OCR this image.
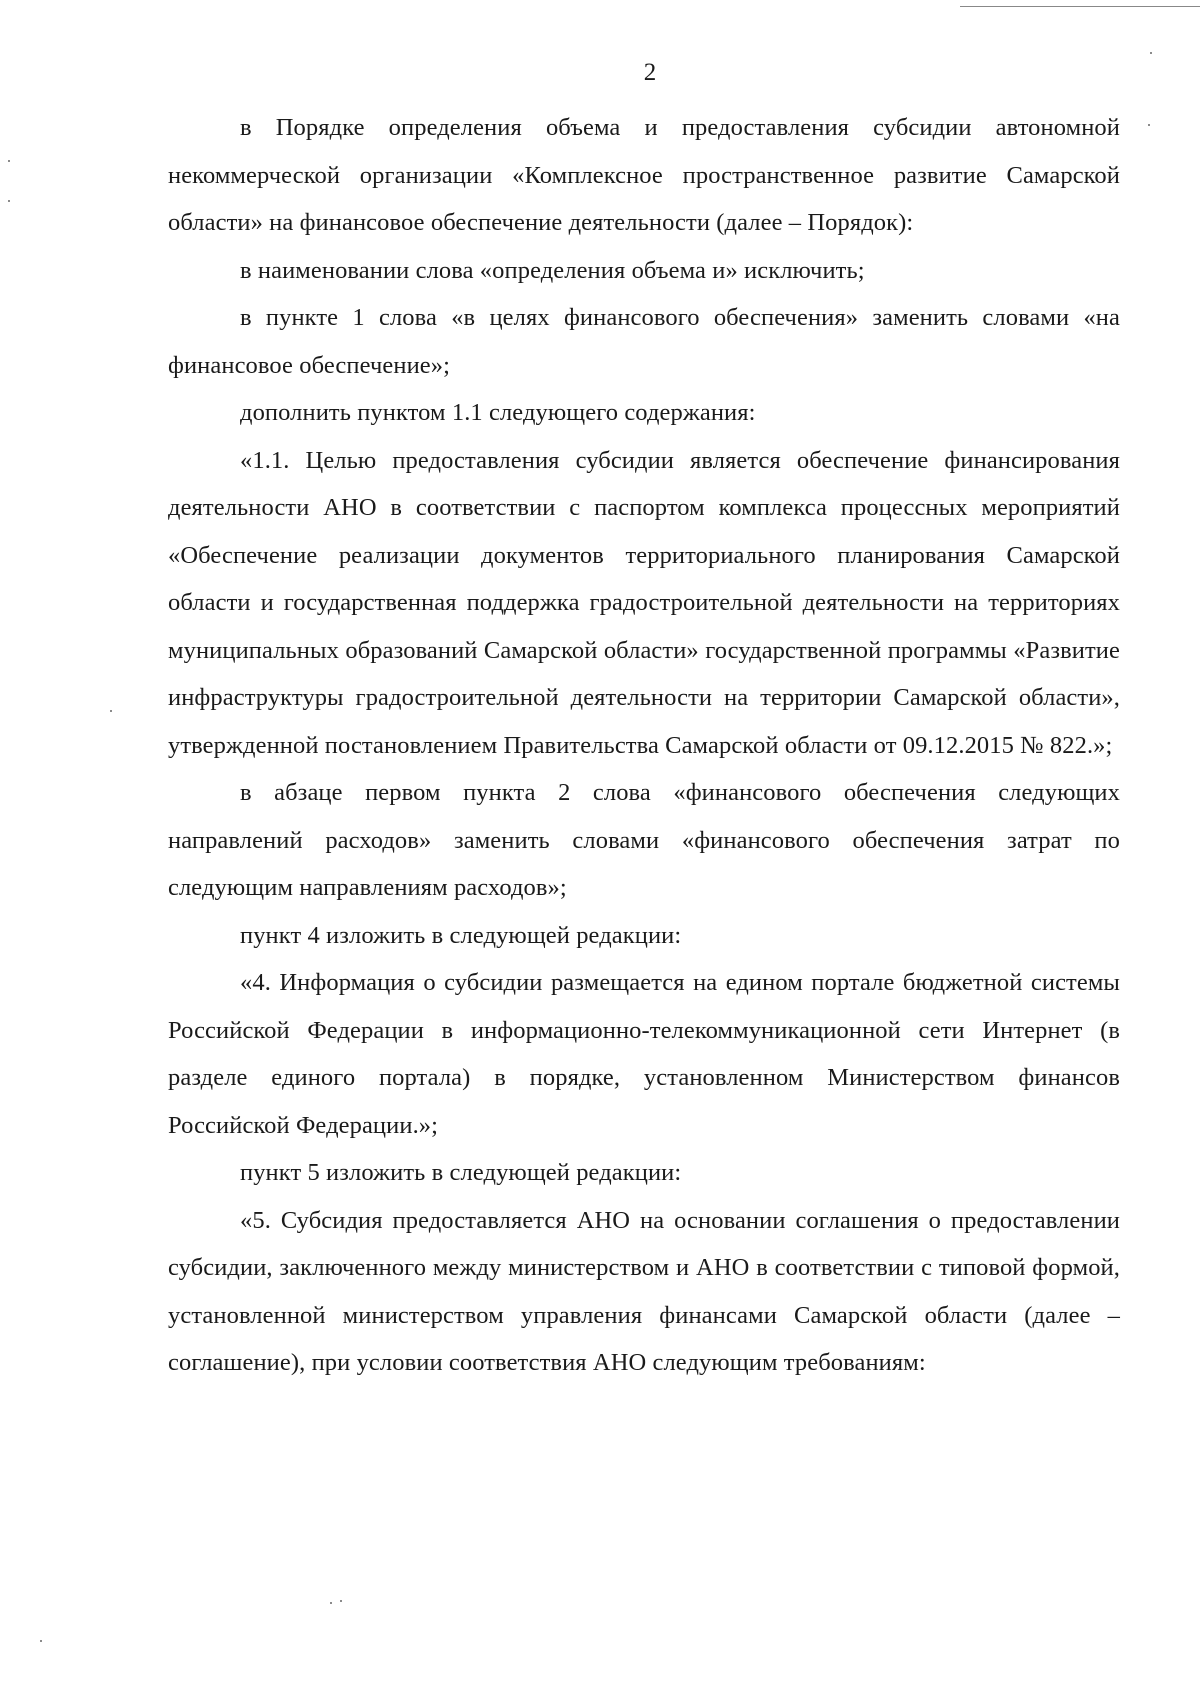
2

в Порядке определения объема и предоставления субсидии автономной некоммерческой организации «Комплексное пространственное развитие Самарской области» на финансовое обеспечение деятельности (далее – Порядок):

в наименовании слова «определения объема и» исключить;

в пункте 1 слова «в целях финансового обеспечения» заменить словами «на финансовое обеспечение»;

дополнить пунктом 1.1 следующего содержания:

«1.1. Целью предоставления субсидии является обеспечение финансирования деятельности АНО в соответствии с паспортом комплекса процессных мероприятий «Обеспечение реализации документов территориального планирования Самарской области и государственная поддержка градостроительной деятельности на территориях муниципальных образований Самарской области» государственной программы «Развитие инфраструктуры градостроительной деятельности на территории Самарской области», утвержденной постановлением Правительства Самарской области от 09.12.2015 № 822.»;

в абзаце первом пункта 2 слова «финансового обеспечения следующих направлений расходов» заменить словами «финансового обеспечения затрат по следующим направлениям расходов»;

пункт 4 изложить в следующей редакции:

«4. Информация о субсидии размещается на едином портале бюджетной системы Российской Федерации в информационно-телекоммуникационной сети Интернет (в разделе единого портала) в порядке, установленном Министерством финансов Российской Федерации.»;

пункт 5 изложить в следующей редакции:

«5. Субсидия предоставляется АНО на основании соглашения о предоставлении субсидии, заключенного между министерством и АНО в соответствии с типовой формой, установленной министерством управления финансами Самарской области (далее – соглашение), при условии соответствия АНО следующим требованиям:
